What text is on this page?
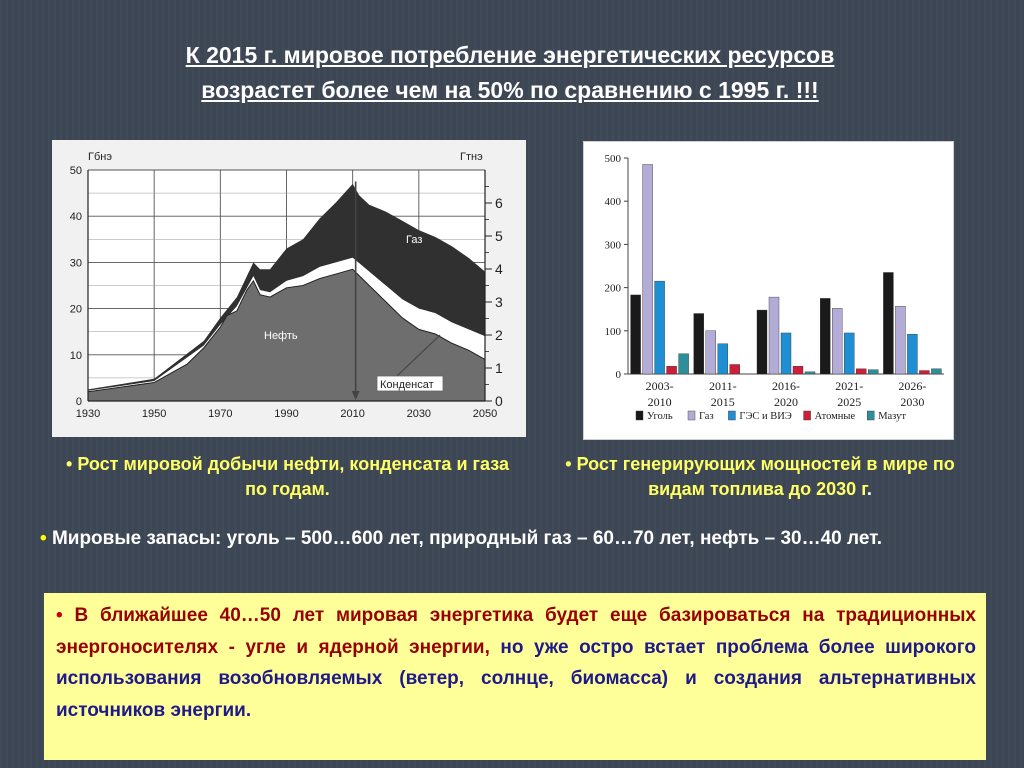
К 2015 г. мировое потребление энергетических ресурсов
возрастет более чем на 50% по сравнению с 1995 г. !!!
1930	1950	1970	1990	2010	2030	2050
0
10
20
30
40
50
0
1
2
3
4
5
6
Гбнэ	Гтнэ
Газ
Нефть
Конденсат
0
100
200
300
400
500
2003-
2010
2011-
2015
2016-
2020
2021-
2025
2026-
2030
Уголь	Газ ГЭС и ВИЭ Атомные Мазут
• Рост мировой добычи нефти, конденсата и газа по годам.
• Рост генерирующих мощностей в мире по видам топлива до 2030 г.
• Мировые запасы: уголь – 500…600 лет, природный газ – 60…70 лет, нефть – 30…40 лет.
• В ближайшее 40…50 лет мировая энергетика будет еще базироваться на традиционных энергоносителях - угле и ядерной энергии, но уже остро встает проблема более широкого использования возобновляемых (ветер, солнце, биомасса) и создания альтернативных источников энергии.
